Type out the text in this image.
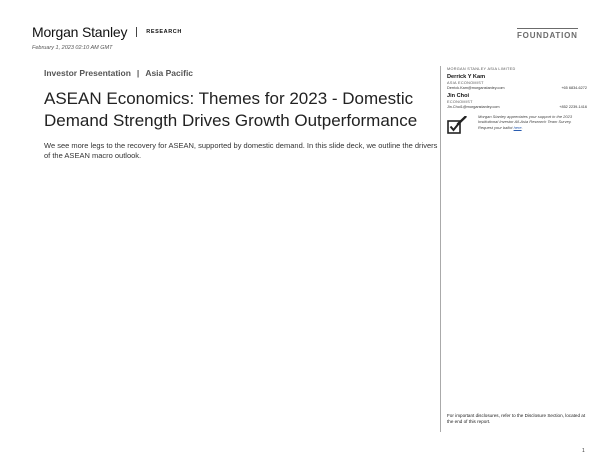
Morgan Stanley	RESEARCH
February 1, 2023 02:10 AM GMT
FOUNDATION
Investor Presentation | Asia Pacific
ASEAN Economics: Themes for 2023 - Domestic Demand Strength Drives Growth Outperformance

We see more legs to the recovery for ASEAN, supported by domestic demand. In this slide deck, we outline the drivers of the ASEAN macro outlook.

MORGAN STANLEY ASIA LIMITED
Derrick Y Kam
ASIA ECONOMIST
Derrick.Kam@morganstanley.com	+65 6834-6272
Jin Choi
ECONOMIST
Jin.Choi1@morganstanley.com	+852 2239-1416

Morgan Stanley appreciates your support in the 2023 Institutional Investor All-Asia Research Team Survey. Request your ballot here.

For important disclosures, refer to the Disclosure Section, located at the end of this report.
1
